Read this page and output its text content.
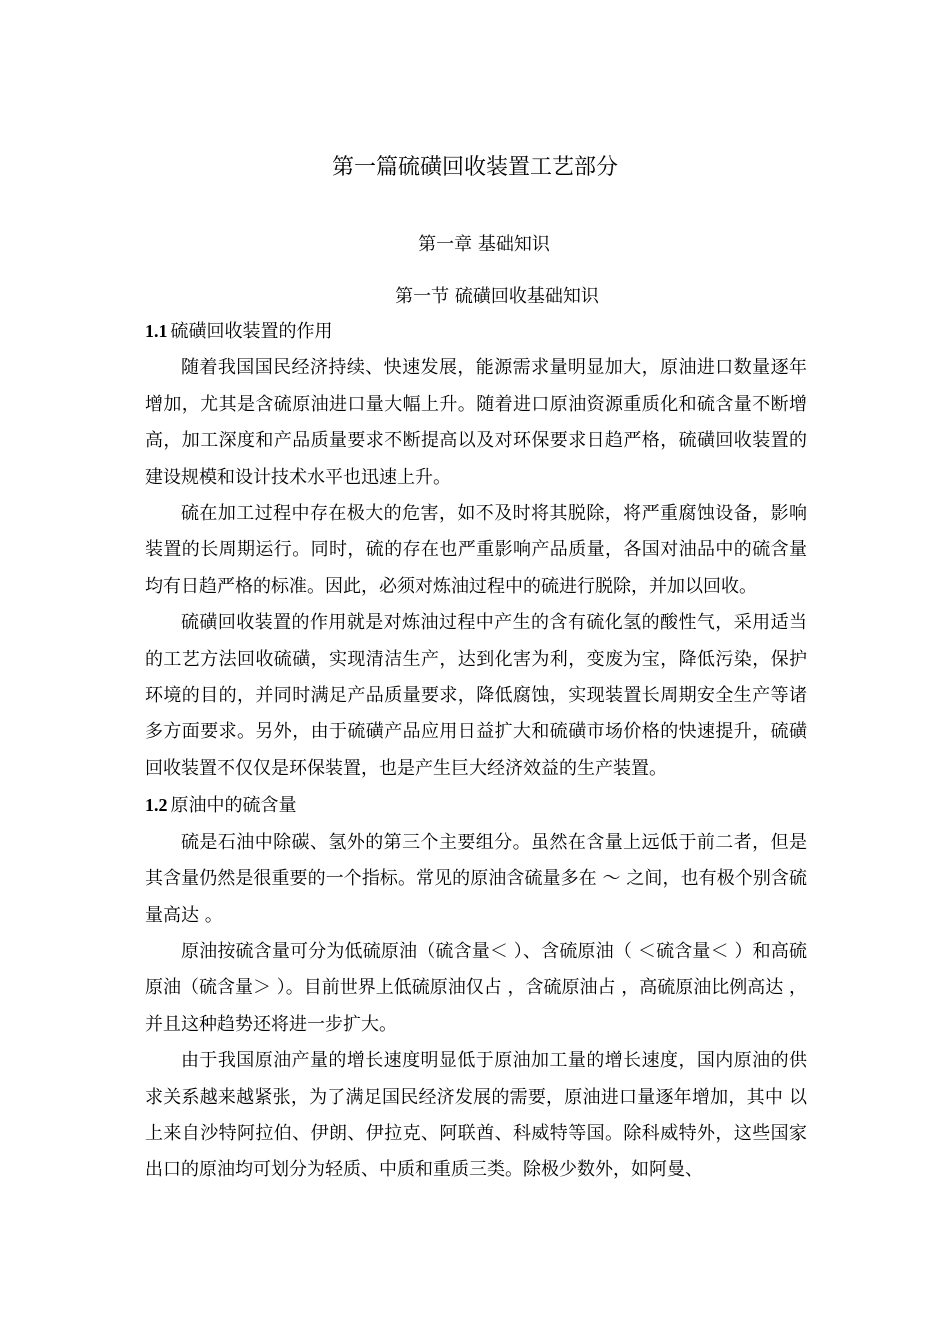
第一篇硫磺回收装置工艺部分
第一章 基础知识
第一节 硫磺回收基础知识
1.1 硫磺回收装置的作用

随着我国国民经济持续、快速发展，能源需求量明显加大，原油进口数量逐年增加，尤其是含硫原油进口量大幅上升。随着进口原油资源重质化和硫含量不断增高，加工深度和产品质量要求不断提高以及对环保要求日趋严格，硫磺回收装置的建设规模和设计技术水平也迅速上升。

硫在加工过程中存在极大的危害，如不及时将其脱除，将严重腐蚀设备，影响装置的长周期运行。同时，硫的存在也严重影响产品质量，各国对油品中的硫含量均有日趋严格的标准。因此，必须对炼油过程中的硫进行脱除，并加以回收。

硫磺回收装置的作用就是对炼油过程中产生的含有硫化氢的酸性气，采用适当的工艺方法回收硫磺，实现清洁生产，达到化害为利，变废为宝，降低污染，保护环境的目的，并同时满足产品质量要求，降低腐蚀，实现装置长周期安全生产等诸多方面要求。另外，由于硫磺产品应用日益扩大和硫磺市场价格的快速提升，硫磺回收装置不仅仅是环保装置，也是产生巨大经济效益的生产装置。

1.2 原油中的硫含量

硫是石油中除碳、氢外的第三个主要组分。虽然在含量上远低于前二者，但是其含量仍然是很重要的一个指标。常见的原油含硫量多在 ～ 之间，也有极个别含硫量高达 。

原油按硫含量可分为低硫原油（硫含量＜ ）、含硫原油（ ＜硫含量＜ ）和高硫原油（硫含量＞ ）。目前世界上低硫原油仅占 ，含硫原油占 ，高硫原油比例高达 ，并且这种趋势还将进一步扩大。

由于我国原油产量的增长速度明显低于原油加工量的增长速度，国内原油的供求关系越来越紧张，为了满足国民经济发展的需要，原油进口量逐年增加，其中 以上来自沙特阿拉伯、伊朗、伊拉克、阿联酋、科威特等国。除科威特外，这些国家出口的原油均可划分为轻质、中质和重质三类。除极少数外，如阿曼、
